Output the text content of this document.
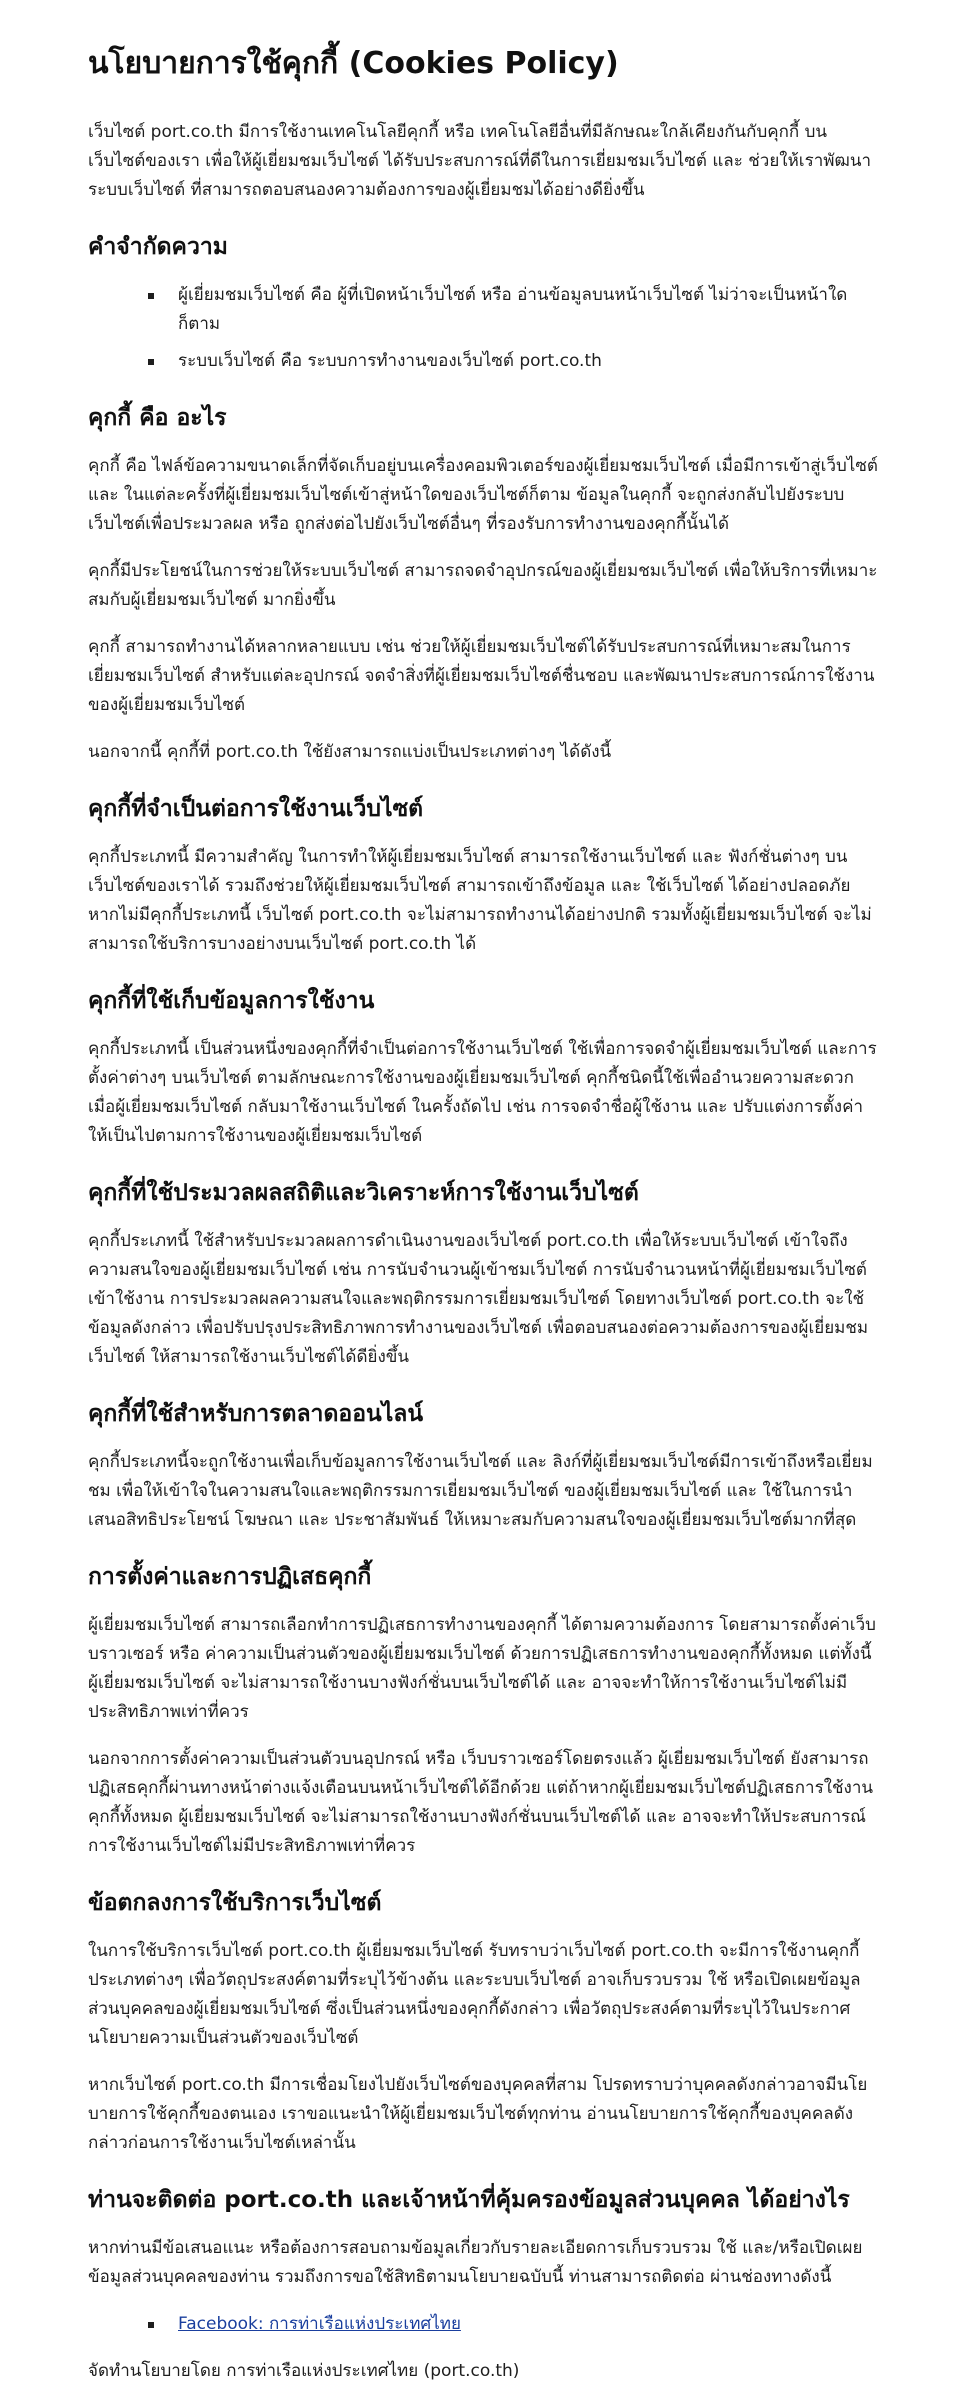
นโยบายการใช้คุกกี้ (Cookies Policy)

เว็บไซต์ port.co.th มีการใช้งานเทคโนโลยีคุกกี้ หรือ เทคโนโลยีอื่นที่มีลักษณะใกล้เคียงกันกับคุกกี้ บนเว็บไซต์ของเรา เพื่อให้ผู้เยี่ยมชมเว็บไซต์ ได้รับประสบการณ์ที่ดีในการเยี่ยมชมเว็บไซต์ และ ช่วยให้เราพัฒนาระบบเว็บไซต์ ที่สามารถตอบสนองความต้องการของผู้เยี่ยมชมได้อย่างดียิ่งขึ้น

คำจำกัดความ
ผู้เยี่ยมชมเว็บไซต์ คือ ผู้ที่เปิดหน้าเว็บไซต์ หรือ อ่านข้อมูลบนหน้าเว็บไซต์ ไม่ว่าจะเป็นหน้าใดก็ตาม
ระบบเว็บไซต์ คือ ระบบการทำงานของเว็บไซต์ port.co.th
คุกกี้ คือ อะไร

คุกกี้ คือ ไฟล์ข้อความขนาดเล็กที่จัดเก็บอยู่บนเครื่องคอมพิวเตอร์ของผู้เยี่ยมชมเว็บไซต์ เมื่อมีการเข้าสู่เว็บไซต์ และ ในแต่ละครั้งที่ผู้เยี่ยมชมเว็บไซต์เข้าสู่หน้าใดของเว็บไซต์ก็ตาม ข้อมูลในคุกกี้ จะถูกส่งกลับไปยังระบบเว็บไซต์เพื่อประมวลผล หรือ ถูกส่งต่อไปยังเว็บไซต์อื่นๆ ที่รองรับการทำงานของคุกกี้นั้นได้

คุกกี้มีประโยชน์ในการช่วยให้ระบบเว็บไซต์ สามารถจดจำอุปกรณ์ของผู้เยี่ยมชมเว็บไซต์ เพื่อให้บริการที่เหมาะสมกับผู้เยี่ยมชมเว็บไซต์ มากยิ่งขึ้น

คุกกี้ สามารถทำงานได้หลากหลายแบบ เช่น ช่วยให้ผู้เยี่ยมชมเว็บไซต์ได้รับประสบการณ์ที่เหมาะสมในการเยี่ยมชมเว็บไซต์ สำหรับแต่ละอุปกรณ์ จดจำสิ่งที่ผู้เยี่ยมชมเว็บไซต์ชื่นชอบ และพัฒนาประสบการณ์การใช้งานของผู้เยี่ยมชมเว็บไซต์

นอกจากนี้ คุกกี้ที่ port.co.th ใช้ยังสามารถแบ่งเป็นประเภทต่างๆ ได้ดังนี้

คุกกี้ที่จำเป็นต่อการใช้งานเว็บไซต์

คุกกี้ประเภทนี้ มีความสำคัญ ในการทำให้ผู้เยี่ยมชมเว็บไซต์ สามารถใช้งานเว็บไซต์ และ ฟังก์ชั่นต่างๆ บนเว็บไซต์ของเราได้ รวมถึงช่วยให้ผู้เยี่ยมชมเว็บไซต์ สามารถเข้าถึงข้อมูล และ ใช้เว็บไซต์ ได้อย่างปลอดภัย หากไม่มีคุกกี้ประเภทนี้ เว็บไซต์ port.co.th จะไม่สามารถทำงานได้อย่างปกติ รวมทั้งผู้เยี่ยมชมเว็บไซต์ จะไม่สามารถใช้บริการบางอย่างบนเว็บไซต์ port.co.th ได้

คุกกี้ที่ใช้เก็บข้อมูลการใช้งาน

คุกกี้ประเภทนี้ เป็นส่วนหนึ่งของคุกกี้ที่จำเป็นต่อการใช้งานเว็บไซต์ ใช้เพื่อการจดจำผู้เยี่ยมชมเว็บไซต์ และการตั้งค่าต่างๆ บนเว็บไซต์ ตามลักษณะการใช้งานของผู้เยี่ยมชมเว็บไซต์ คุกกี้ชนิดนี้ใช้เพื่ออำนวยความสะดวก เมื่อผู้เยี่ยมชมเว็บไซต์ กลับมาใช้งานเว็บไซต์ ในครั้งถัดไป เช่น การจดจำชื่อผู้ใช้งาน และ ปรับแต่งการตั้งค่าให้เป็นไปตามการใช้งานของผู้เยี่ยมชมเว็บไซต์

คุกกี้ที่ใช้ประมวลผลสถิติและวิเคราะห์การใช้งานเว็บไซต์

คุกกี้ประเภทนี้ ใช้สำหรับประมวลผลการดำเนินงานของเว็บไซต์ port.co.th เพื่อให้ระบบเว็บไซต์ เข้าใจถึงความสนใจของผู้เยี่ยมชมเว็บไซต์ เช่น การนับจำนวนผู้เข้าชมเว็บไซต์ การนับจำนวนหน้าที่ผู้เยี่ยมชมเว็บไซต์เข้าใช้งาน การประมวลผลความสนใจและพฤติกรรมการเยี่ยมชมเว็บไซต์ โดยทางเว็บไซต์ port.co.th จะใช้ข้อมูลดังกล่าว เพื่อปรับปรุงประสิทธิภาพการทำงานของเว็บไซต์ เพื่อตอบสนองต่อความต้องการของผู้เยี่ยมชมเว็บไซต์ ให้สามารถใช้งานเว็บไซต์ได้ดียิ่งขึ้น

คุกกี้ที่ใช้สำหรับการตลาดออนไลน์

คุกกี้ประเภทนี้จะถูกใช้งานเพื่อเก็บข้อมูลการใช้งานเว็บไซต์ และ ลิงก์ที่ผู้เยี่ยมชมเว็บไซต์มีการเข้าถึงหรือเยี่ยมชม เพื่อให้เข้าใจในความสนใจและพฤติกรรมการเยี่ยมชมเว็บไซต์ ของผู้เยี่ยมชมเว็บไซต์ และ ใช้ในการนำเสนอสิทธิประโยชน์ โฆษณา และ ประชาสัมพันธ์ ให้เหมาะสมกับความสนใจของผู้เยี่ยมชมเว็บไซต์มากที่สุด

การตั้งค่าและการปฏิเสธคุกกี้

ผู้เยี่ยมชมเว็บไซต์ สามารถเลือกทำการปฏิเสธการทำงานของคุกกี้ ได้ตามความต้องการ โดยสามารถตั้งค่าเว็บบราวเซอร์ หรือ ค่าความเป็นส่วนตัวของผู้เยี่ยมชมเว็บไซต์ ด้วยการปฏิเสธการทำงานของคุกกี้ทั้งหมด แต่ทั้งนี้ผู้เยี่ยมชมเว็บไซต์ จะไม่สามารถใช้งานบางฟังก์ชั่นบนเว็บไซต์ได้ และ อาจจะทำให้การใช้งานเว็บไซต์ไม่มีประสิทธิภาพเท่าที่ควร

นอกจากการตั้งค่าความเป็นส่วนตัวบนอุปกรณ์ หรือ เว็บบราวเซอร์โดยตรงแล้ว ผู้เยี่ยมชมเว็บไซต์ ยังสามารถปฏิเสธคุกกี้ผ่านทางหน้าต่างแจ้งเตือนบนหน้าเว็บไซต์ได้อีกด้วย แต่ถ้าหากผู้เยี่ยมชมเว็บไซต์ปฏิเสธการใช้งานคุกกี้ทั้งหมด ผู้เยี่ยมชมเว็บไซต์ จะไม่สามารถใช้งานบางฟังก์ชั่นบนเว็บไซต์ได้ และ อาจจะทำให้ประสบการณ์การใช้งานเว็บไซต์ไม่มีประสิทธิภาพเท่าที่ควร

ข้อตกลงการใช้บริการเว็บไซต์

ในการใช้บริการเว็บไซต์ port.co.th ผู้เยี่ยมชมเว็บไซต์ รับทราบว่าเว็บไซต์ port.co.th จะมีการใช้งานคุกกี้ประเภทต่างๆ เพื่อวัตถุประสงค์ตามที่ระบุไว้ข้างต้น และระบบเว็บไซต์ อาจเก็บรวบรวม ใช้ หรือเปิดเผยข้อมูลส่วนบุคคลของผู้เยี่ยมชมเว็บไซต์ ซึ่งเป็นส่วนหนึ่งของคุกกี้ดังกล่าว เพื่อวัตถุประสงค์ตามที่ระบุไว้ในประกาศนโยบายความเป็นส่วนตัวของเว็บไซต์

หากเว็บไซต์ port.co.th มีการเชื่อมโยงไปยังเว็บไซต์ของบุคคลที่สาม โปรดทราบว่าบุคคลดังกล่าวอาจมีนโยบายการใช้คุกกี้ของตนเอง เราขอแนะนำให้ผู้เยี่ยมชมเว็บไซต์ทุกท่าน อ่านนโยบายการใช้คุกกี้ของบุคคลดังกล่าวก่อนการใช้งานเว็บไซต์เหล่านั้น

ท่านจะติดต่อ port.co.th และเจ้าหน้าที่คุ้มครองข้อมูลส่วนบุคคล ได้อย่างไร

หากท่านมีข้อเสนอแนะ หรือต้องการสอบถามข้อมูลเกี่ยวกับรายละเอียดการเก็บรวบรวม ใช้ และ/หรือเปิดเผยข้อมูลส่วนบุคคลของท่าน รวมถึงการขอใช้สิทธิตามนโยบายฉบับนี้ ท่านสามารถติดต่อ ผ่านช่องทางดังนี้

Facebook: การท่าเรือแห่งประเทศไทย

จัดทำนโยบายโดย การท่าเรือแห่งประเทศไทย (port.co.th)
